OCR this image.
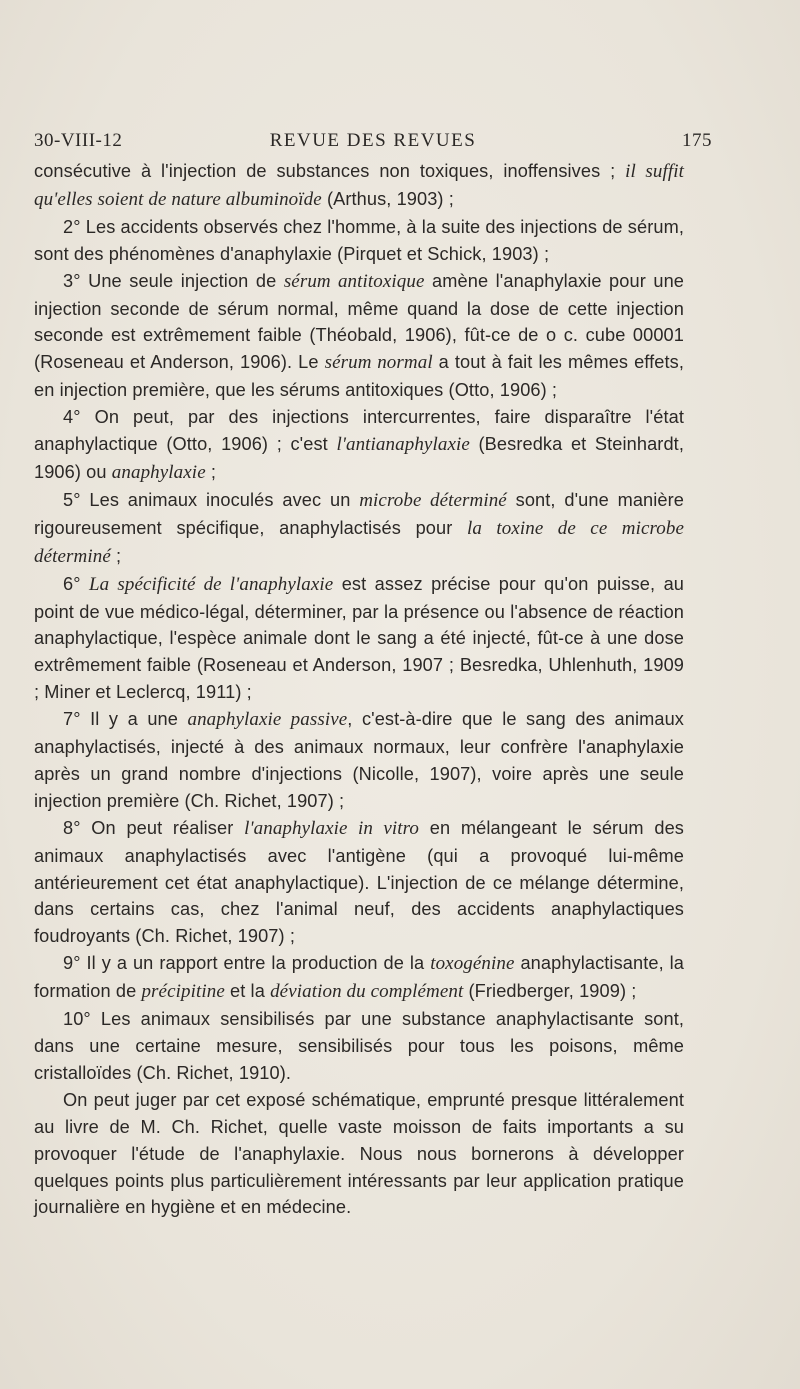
30-VIII-12	REVUE DES REVUES	175

consécutive à l'injection de substances non toxiques, inoffensives ; il suffit qu'elles soient de nature albuminoïde (Arthus, 1903) ;

2° Les accidents observés chez l'homme, à la suite des injections de sérum, sont des phénomènes d'anaphylaxie (Pirquet et Schick, 1903) ;

3° Une seule injection de sérum antitoxique amène l'anaphylaxie pour une injection seconde de sérum normal, même quand la dose de cette injection seconde est extrêmement faible (Théobald, 1906), fût-ce de o c. cube 00001 (Roseneau et Anderson, 1906). Le sérum normal a tout à fait les mêmes effets, en injection première, que les sérums antitoxiques (Otto, 1906) ;

4° On peut, par des injections intercurrentes, faire disparaître l'état anaphylactique (Otto, 1906) ; c'est l'antianaphylaxie (Besredka et Steinhardt, 1906) ou anaphylaxie ;

5° Les animaux inoculés avec un microbe déterminé sont, d'une manière rigoureusement spécifique, anaphylactisés pour la toxine de ce microbe déterminé ;

6° La spécificité de l'anaphylaxie est assez précise pour qu'on puisse, au point de vue médico-légal, déterminer, par la présence ou l'absence de réaction anaphylactique, l'espèce animale dont le sang a été injecté, fût-ce à une dose extrêmement faible (Roseneau et Anderson, 1907 ; Besredka, Uhlenhuth, 1909 ; Miner et Leclercq, 1911) ;

7° Il y a une anaphylaxie passive, c'est-à-dire que le sang des animaux anaphylactisés, injecté à des animaux normaux, leur confrère l'anaphylaxie après un grand nombre d'injections (Nicolle, 1907), voire après une seule injection première (Ch. Richet, 1907) ;

8° On peut réaliser l'anaphylaxie in vitro en mélangeant le sérum des animaux anaphylactisés avec l'antigène (qui a provoqué lui-même antérieurement cet état anaphylactique). L'injection de ce mélange détermine, dans certains cas, chez l'animal neuf, des accidents anaphylactiques foudroyants (Ch. Richet, 1907) ;

9° Il y a un rapport entre la production de la toxogénine anaphylactisante, la formation de précipitine et la déviation du complément (Friedberger, 1909) ;

10° Les animaux sensibilisés par une substance anaphylactisante sont, dans une certaine mesure, sensibilisés pour tous les poisons, même cristalloïdes (Ch. Richet, 1910).

On peut juger par cet exposé schématique, emprunté presque littéralement au livre de M. Ch. Richet, quelle vaste moisson de faits importants a su provoquer l'étude de l'anaphylaxie. Nous nous bornerons à développer quelques points plus particulièrement intéressants par leur application pratique journalière en hygiène et en médecine.
